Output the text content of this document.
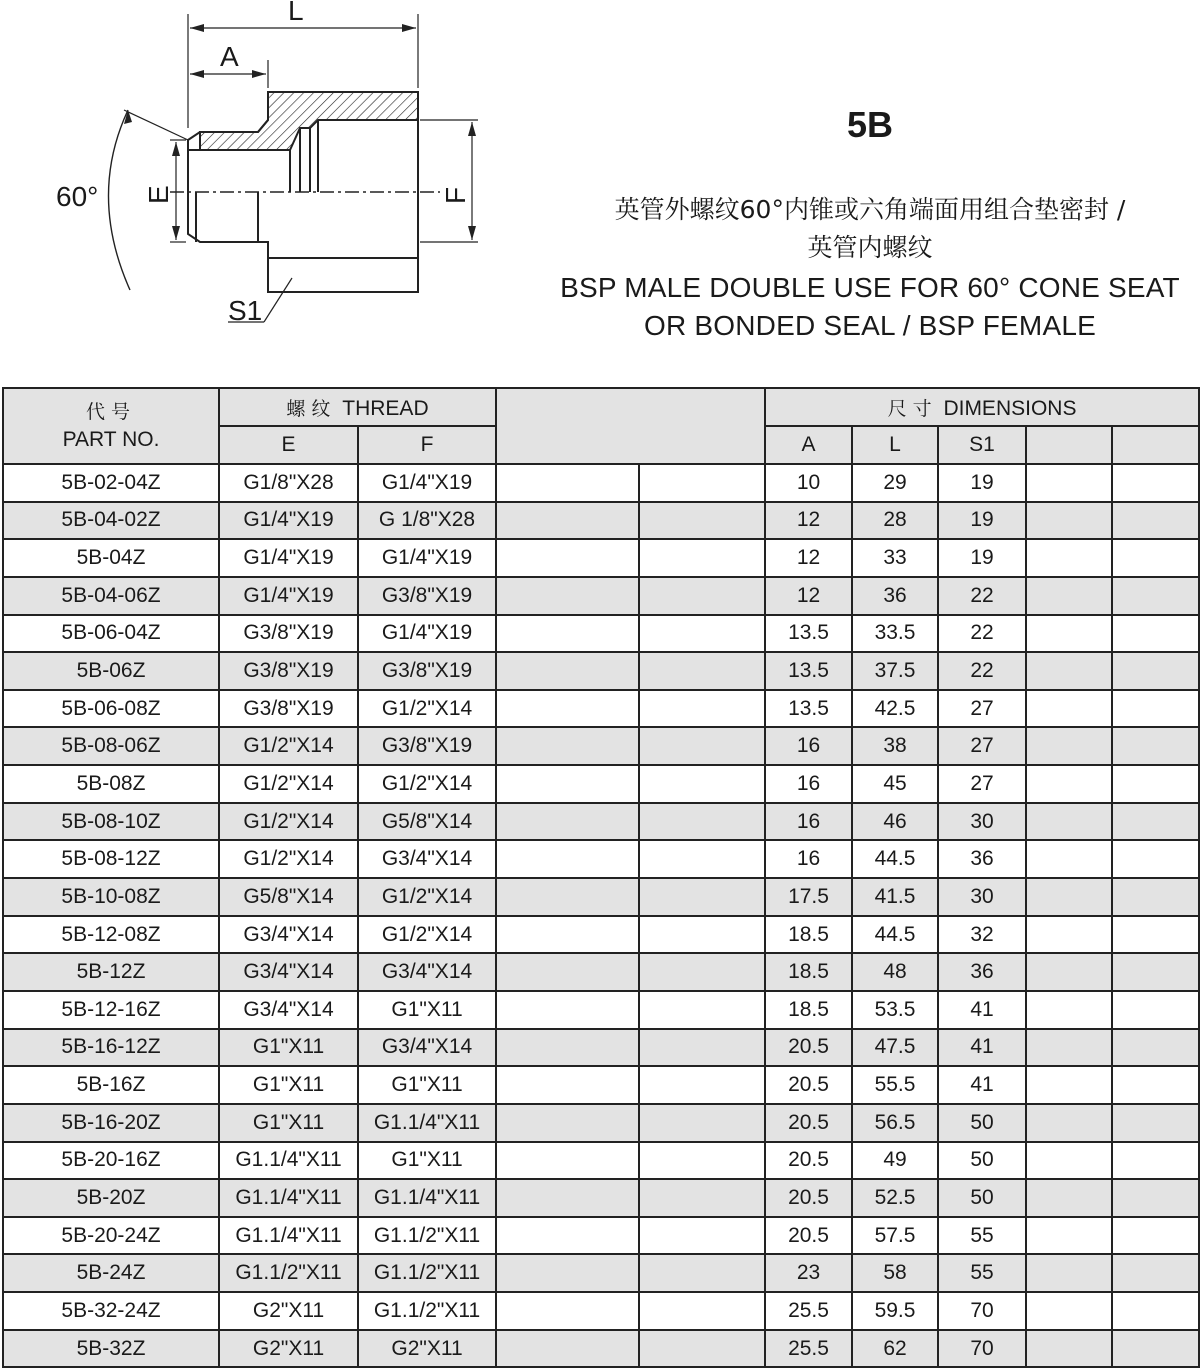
L
A
60° E	F
S1
5B
英管外螺纹60°内锥或六角端面用组合垫密封 /
英管内螺纹
BSP MALE DOUBLE USE FOR 60° CONE SEAT
OR BONDED SEAL / BSP FEMALE
代号
PART NO.	螺纹 THREAD				尺寸 DIMENSIONS				
	E	F			A	L	S1		
5B-02-04Z	G1/8"X28	G1/4"X19			10	29	19		
5B-04-02Z	G1/4"X19	G 1/8"X28			12	28	19		
5B-04Z	G1/4"X19	G1/4"X19			12	33	19		
5B-04-06Z	G1/4"X19	G3/8"X19			12	36	22		
5B-06-04Z	G3/8"X19	G1/4"X19			13.5	33.5	22		
5B-06Z	G3/8"X19	G3/8"X19			13.5	37.5	22		
5B-06-08Z	G3/8"X19	G1/2"X14			13.5	42.5	27		
5B-08-06Z	G1/2"X14	G3/8"X19			16	38	27		
5B-08Z	G1/2"X14	G1/2"X14			16	45	27		
5B-08-10Z	G1/2"X14	G5/8"X14			16	46	30		
5B-08-12Z	G1/2"X14	G3/4"X14			16	44.5	36		
5B-10-08Z	G5/8"X14	G1/2"X14			17.5	41.5	30		
5B-12-08Z	G3/4"X14	G1/2"X14			18.5	44.5	32		
5B-12Z	G3/4"X14	G3/4"X14			18.5	48	36		
5B-12-16Z	G3/4"X14	G1"X11			18.5	53.5	41		
5B-16-12Z	G1"X11	G3/4"X14			20.5	47.5	41		
5B-16Z	G1"X11	G1"X11			20.5	55.5	41		
5B-16-20Z	G1"X11	G1.1/4"X11			20.5	56.5	50		
5B-20-16Z	G1.1/4"X11	G1"X11			20.5	49	50		
5B-20Z	G1.1/4"X11	G1.1/4"X11			20.5	52.5	50		
5B-20-24Z	G1.1/4"X11	G1.1/2"X11			20.5	57.5	55		
5B-24Z	G1.1/2"X11	G1.1/2"X11			23	58	55		
5B-32-24Z	G2"X11	G1.1/2"X11			25.5	59.5	70		
5B-32Z	G2"X11	G2"X11			25.5	62	70		
